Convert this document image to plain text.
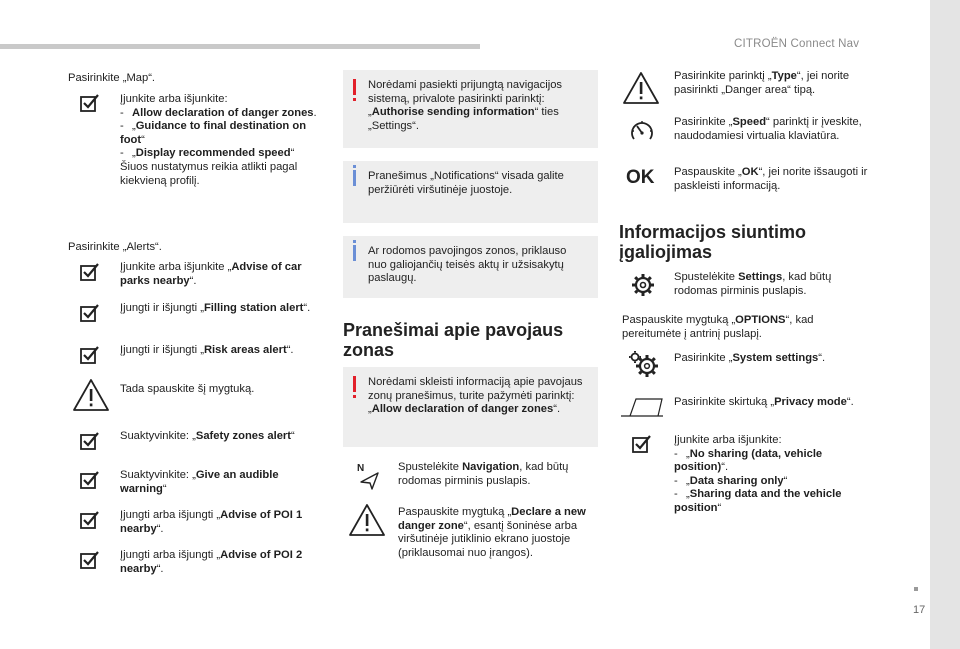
CITROËN Connect Nav
17
Pasirinkite „Map“.
Įjunkite arba išjunkite:
- Allow declaration of danger zones.
- „Guidance to final destination on foot“
- „Display recommended speed“
Šiuos nustatymus reikia atlikti pagal kiekvieną profilį.
Pasirinkite „Alerts“.
Įjunkite arba išjunkite „Advise of car parks nearby“.
Įjungti ir išjungti „Filling station alert“.
Įjungti ir išjungti „Risk areas alert“.
Tada spauskite šį mygtuką.
Suaktyvinkite: „Safety zones alert“
Suaktyvinkite: „Give an audible warning“
Įjungti arba išjungti „Advise of POI 1 nearby“.
Įjungti arba išjungti „Advise of POI 2 nearby“.
Norėdami pasiekti prijungtą navigacijos sistemą, privalote pasirinkti parinktį: „Authorise sending information“ ties „Settings“.
Pranešimus „Notifications“ visada galite peržiūrėti viršutinėje juostoje.
Ar rodomos pavojingos zonos, priklauso nuo galiojančių teisės aktų ir užsisakytų paslaugų.
Pranešimai apie pavojaus zonas
Norėdami skleisti informaciją apie pavojaus zonų pranešimus, turite pažymėti parinktį: „Allow declaration of danger zones“.
N	Spustelėkite Navigation, kad būtų rodomas pirminis puslapis.
Paspauskite mygtuką „Declare a new danger zone“, esantį šoninėse arba viršutinėje jutiklinio ekrano juostoje (priklausomai nuo įrangos).
Pasirinkite parinktį „Type“, jei norite pasirinkti „Danger area“ tipą.
Pasirinkite „Speed“ parinktį ir įveskite, naudodamiesi virtualia klaviatūra.
OK Paspauskite „OK“, jei norite išsaugoti ir paskleisti informaciją.
Informacijos siuntimo įgaliojimas
Spustelėkite Settings, kad būtų rodomas pirminis puslapis.
Paspauskite mygtuką „OPTIONS“, kad pereitumėte į antrinį puslapį.
Pasirinkite „System settings“.
Pasirinkite skirtuką „Privacy mode“.
Įjunkite arba išjunkite:
- „No sharing (data, vehicle position)“.
- „Data sharing only“
- „Sharing data and the vehicle position“
